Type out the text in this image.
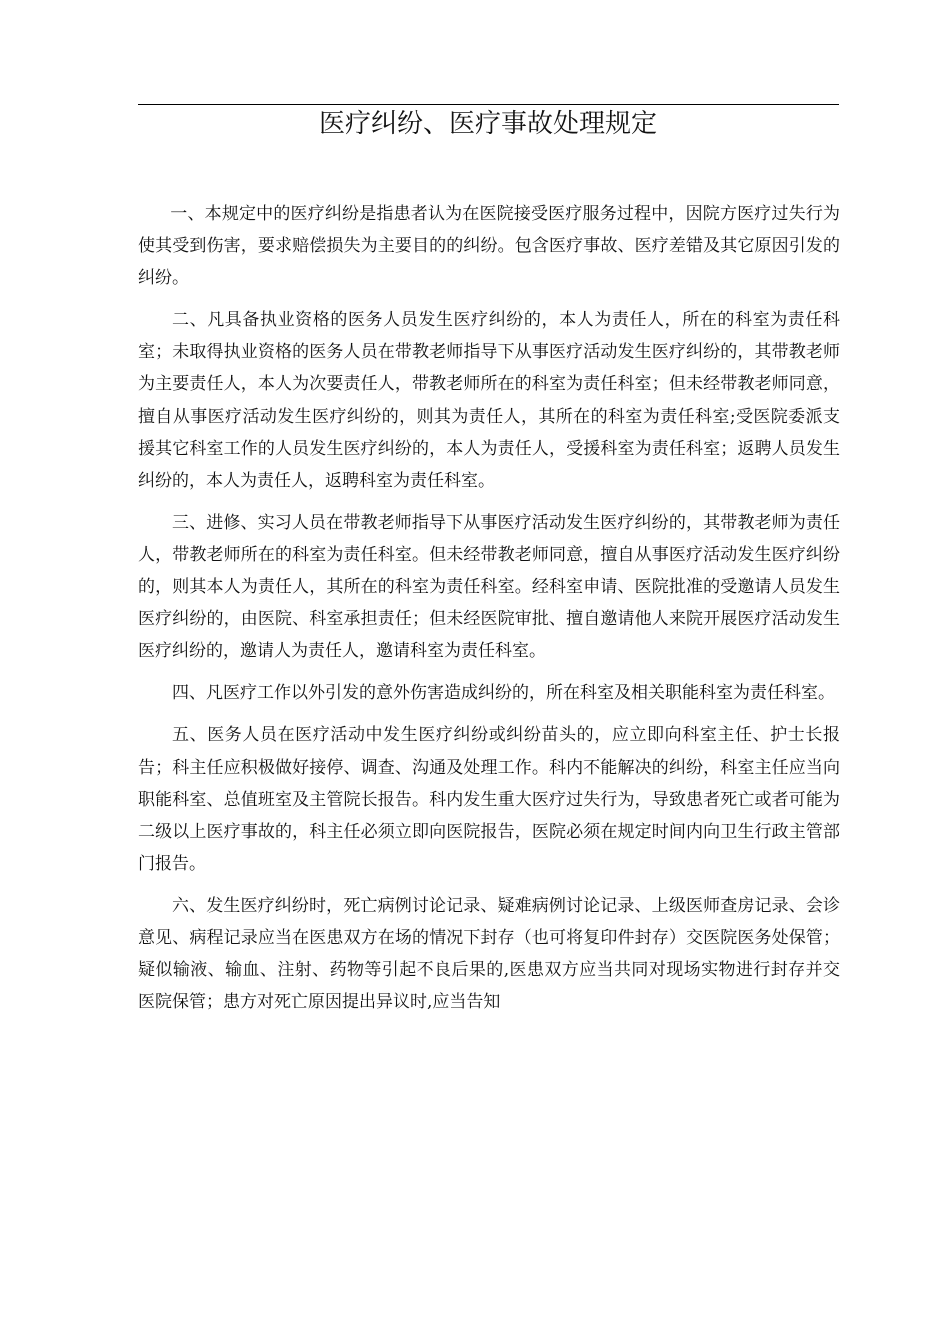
医疗纠纷、医疗事故处理规定

一、本规定中的医疗纠纷是指患者认为在医院接受医疗服务过程中，因院方医疗过失行为使其受到伤害，要求赔偿损失为主要目的的纠纷。包含医疗事故、医疗差错及其它原因引发的纠纷。

二、凡具备执业资格的医务人员发生医疗纠纷的，本人为责任人，所在的科室为责任科室；未取得执业资格的医务人员在带教老师指导下从事医疗活动发生医疗纠纷的，其带教老师为主要责任人，本人为次要责任人，带教老师所在的科室为责任科室；但未经带教老师同意，擅自从事医疗活动发生医疗纠纷的，则其为责任人，其所在的科室为责任科室;受医院委派支援其它科室工作的人员发生医疗纠纷的，本人为责任人，受援科室为责任科室；返聘人员发生纠纷的，本人为责任人，返聘科室为责任科室。

三、进修、实习人员在带教老师指导下从事医疗活动发生医疗纠纷的，其带教老师为责任人，带教老师所在的科室为责任科室。但未经带教老师同意，擅自从事医疗活动发生医疗纠纷的，则其本人为责任人，其所在的科室为责任科室。经科室申请、医院批准的受邀请人员发生医疗纠纷的，由医院、科室承担责任；但未经医院审批、擅自邀请他人来院开展医疗活动发生医疗纠纷的，邀请人为责任人，邀请科室为责任科室。

四、凡医疗工作以外引发的意外伤害造成纠纷的，所在科室及相关职能科室为责任科室。

五、医务人员在医疗活动中发生医疗纠纷或纠纷苗头的，应立即向科室主任、护士长报告；科主任应积极做好接停、调查、沟通及处理工作。科内不能解决的纠纷，科室主任应当向职能科室、总值班室及主管院长报告。科内发生重大医疗过失行为，导致患者死亡或者可能为二级以上医疗事故的，科主任必须立即向医院报告，医院必须在规定时间内向卫生行政主管部门报告。

六、发生医疗纠纷时，死亡病例讨论记录、疑难病例讨论记录、上级医师查房记录、会诊意见、病程记录应当在医患双方在场的情况下封存（也可将复印件封存）交医院医务处保管；疑似输液、输血、注射、药物等引起不良后果的,医患双方应当共同对现场实物进行封存并交医院保管；患方对死亡原因提出异议时,应当告知
